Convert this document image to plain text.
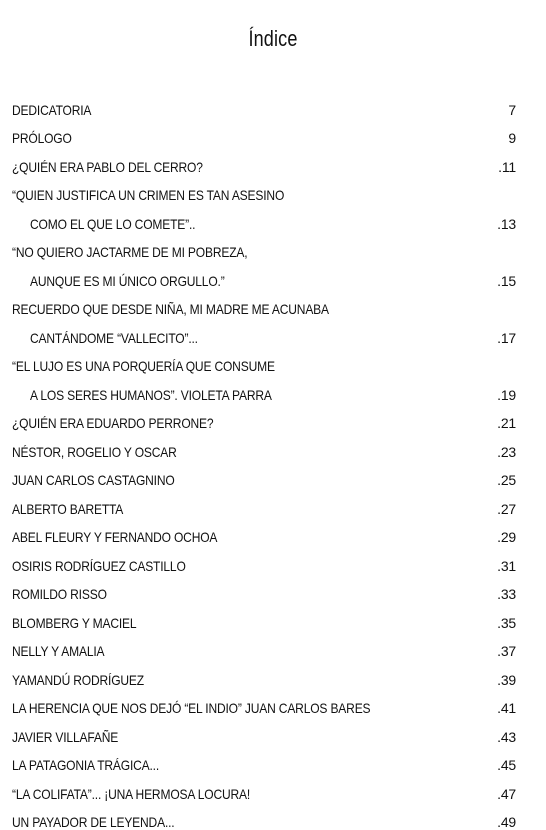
Índice
DEDICATORIA	7
PRÓLOGO	9
¿QUIÉN ERA PABLO DEL CERRO?	.11
“QUIEN JUSTIFICA UN CRIMEN ES TAN ASESINO
COMO EL QUE LO COMETE”..	.13
“NO QUIERO JACTARME DE MI POBREZA,
AUNQUE ES MI ÚNICO ORGULLO.”	.15
RECUERDO QUE DESDE NIÑA, MI MADRE ME ACUNABA
CANTÁNDOME “VALLECITO”...	.17
“EL LUJO ES UNA PORQUERÍA QUE CONSUME
A LOS SERES HUMANOS”. VIOLETA PARRA	.19
¿QUIÉN ERA EDUARDO PERRONE?	.21
NÉSTOR, ROGELIO Y OSCAR	.23
JUAN CARLOS CASTAGNINO	.25
ALBERTO BARETTA	.27
ABEL FLEURY Y FERNANDO OCHOA	.29
OSIRIS RODRÍGUEZ CASTILLO	.31
ROMILDO RISSO	.33
BLOMBERG Y MACIEL	.35
NELLY Y AMALIA	.37
YAMANDÚ RODRÍGUEZ	.39
LA HERENCIA QUE NOS DEJÓ “EL INDIO” JUAN CARLOS BARES	.41
JAVIER VILLAFAÑE	.43
LA PATAGONIA TRÁGICA...	.45
“LA COLIFATA”... ¡UNA HERMOSA LOCURA!	.47
UN PAYADOR DE LEYENDA...	.49
